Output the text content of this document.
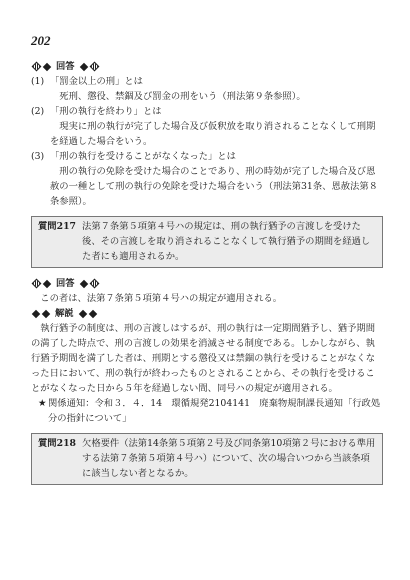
202
回答
(1) 「罰金以上の刑」とは

死刑、懲役、禁錮及び罰金の刑をいう（刑法第９条参照）。

(2) 「刑の執行を終わり」とは

現実に刑の執行が完了した場合及び仮釈放を取り消されることなくして刑期を経過した場合をいう。

(3) 「刑の執行を受けることがなくなった」とは

刑の執行の免除を受けた場合のことであり、刑の時効が完了した場合及び恩赦の一種として刑の執行の免除を受けた場合をいう（刑法第31条、恩赦法第８条参照）。

質問217 法第７条第５項第４号ハの規定は、刑の執行猶予の言渡しを受けた後、その言渡しを取り消されることなくして執行猶予の期間を経過した者にも適用されるか。
回答

この者は、法第７条第５項第４号ハの規定が適用される。

解説

執行猶予の制度は、刑の言渡しはするが、刑の執行は一定期間猶予し、猶予期間の満了した時点で、刑の言渡しの効果を消滅させる制度である。しかしながら、執行猶予期間を満了した者は、刑期とする懲役又は禁錮の執行を受けることがなくなった日において、刑の執行が終わったものとされることから、その執行を受けることがなくなった日から５年を経過しない間、同号ハの規定が適用される。

★ 関係通知：令和３．４．14　環循規発2104141　廃棄物規制課長通知「行政処分の指針について」
質問218 欠格要件（法第14条第５項第２号及び同条第10項第２号における準用する法第７条第５項第４号ハ）について、次の場合いつから当該条項に該当しない者となるか。
